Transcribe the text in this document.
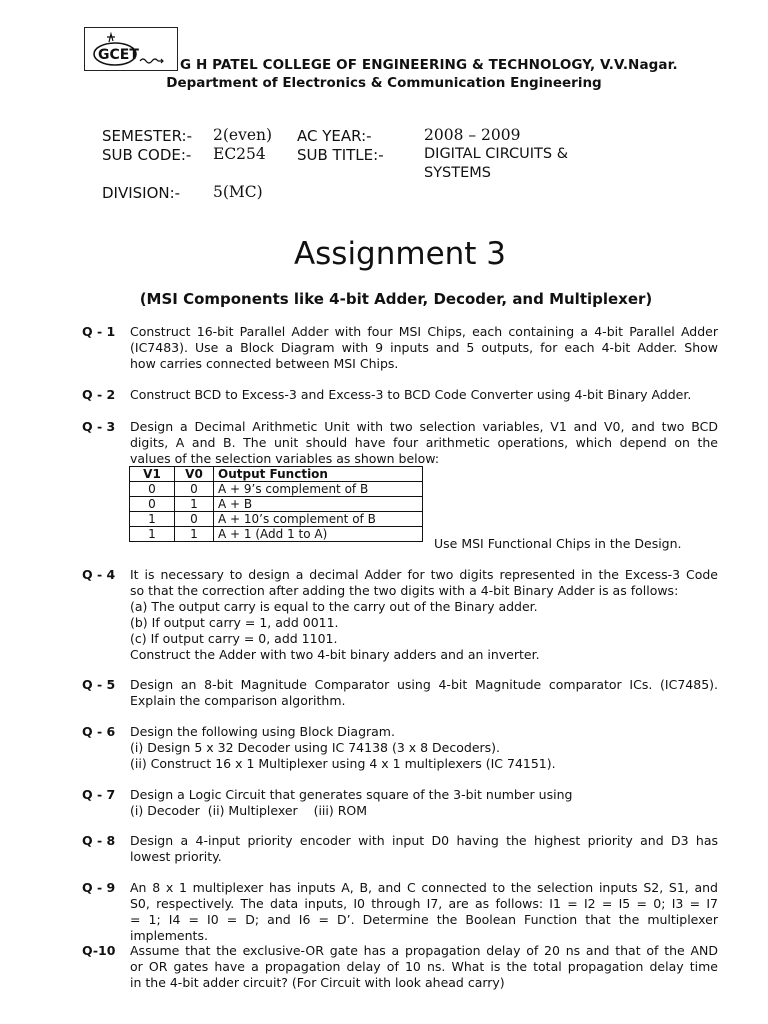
GCET
G H PATEL COLLEGE OF ENGINEERING & TECHNOLOGY, V.V.Nagar.
Department of Electronics & Communication Engineering
SEMESTER:- 2(even) AC YEAR:-	2008 – 2009
SUB CODE:- EC254 SUB TITLE:-	DIGITAL CIRCUITS &
SYSTEMS
DIVISION:- 5(MC)
Assignment 3
(MSI Components like 4-bit Adder, Decoder, and Multiplexer)
Q - 1 Construct 16-bit Parallel Adder with four MSI Chips, each containing a 4-bit Parallel Adder
(IC7483). Use a Block Diagram with 9 inputs and 5 outputs, for each 4-bit Adder. Show
how carries connected between MSI Chips.
Q - 2 Construct BCD to Excess-3 and Excess-3 to BCD Code Converter using 4-bit Binary Adder.
Q - 3 Design a Decimal Arithmetic Unit with two selection variables, V1 and V0, and two BCD
digits, A and B. The unit should have four arithmetic operations, which depend on the
values of the selection variables as shown below:
V1	V0	Output Function
0	0	A + 9’s complement of B
0	1	A + B
1	0	A + 10’s complement of B
1	1	A + 1 (Add 1 to A)
Use MSI Functional Chips in the Design.
Q - 4 It is necessary to design a decimal Adder for two digits represented in the Excess-3 Code
so that the correction after adding the two digits with a 4-bit Binary Adder is as follows:
(a) The output carry is equal to the carry out of the Binary adder.
(b) If output carry = 1, add 0011.
(c) If output carry = 0, add 1101.
Construct the Adder with two 4-bit binary adders and an inverter.
Q - 5 Design an 8-bit Magnitude Comparator using 4-bit Magnitude comparator ICs. (IC7485).
Explain the comparison algorithm.
Q - 6 Design the following using Block Diagram.
(i) Design 5 x 32 Decoder using IC 74138 (3 x 8 Decoders).
(ii) Construct 16 x 1 Multiplexer using 4 x 1 multiplexers (IC 74151).
Q - 7 Design a Logic Circuit that generates square of the 3-bit number using
(i) Decoder  (ii) Multiplexer    (iii) ROM
Q - 8 Design a 4-input priority encoder with input D0 having the highest priority and D3 has
lowest priority.
Q - 9 An 8 x 1 multiplexer has inputs A, B, and C connected to the selection inputs S2, S1, and
S0, respectively. The data inputs, I0 through I7, are as follows: I1 = I2 = I5 = 0; I3 = I7
= 1; I4 = I0 = D; and I6 = D’. Determine the Boolean Function that the multiplexer
implements.
Q-10 Assume that the exclusive-OR gate has a propagation delay of 20 ns and that of the AND
or OR gates have a propagation delay of 10 ns. What is the total propagation delay time
in the 4-bit adder circuit? (For Circuit with look ahead carry)
